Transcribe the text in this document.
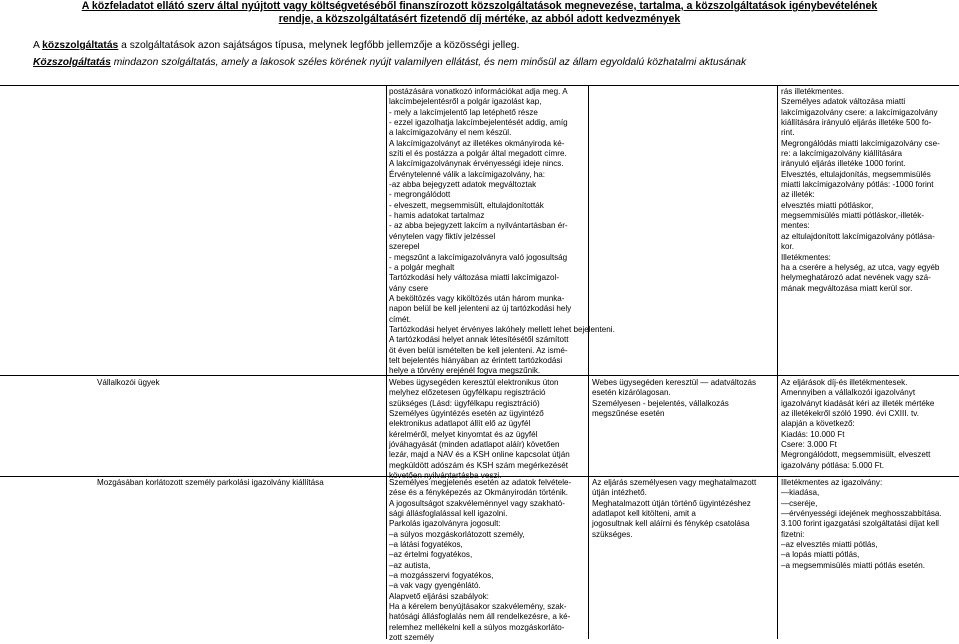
A közfeladatot ellátó szerv által nyújtott vagy költségvetéséből finanszírozott közszolgáltatások megnevezése, tartalma, a közszolgáltatások igénybevételének
rendje, a közszolgáltatásért fizetendő díj mértéke, az abból adott kedvezmények
A közszolgáltatás a szolgáltatások azon sajátságos típusa, melynek legfőbb jellemzője a közösségi jelleg.
Közszolgáltatás mindazon szolgáltatás, amely a lakosok széles körének nyújt valamilyen ellátást, és nem minősül az állam egyoldalú közhatalmi aktusának
postázására vonatkozó információkat adja meg. A
lakcímbejelentésről a polgár igazolást kap,
- mely a lakcímjelentő lap letéphető része
- ezzel igazolhatja lakcímbejelentését addig, amíg
a lakcímigazolvány el nem készül.
A lakcímigazolványt az illetékes okmányiroda ké-
szíti el és postázza a polgár által megadott címre.
A lakcímigazolványnak érvényességi ideje nincs.
Érvénytelenné válik a lakcímigazolvány, ha:
-az abba bejegyzett adatok megváltoztak
- megrongálódott
- elveszett, megsemmisült, eltulajdonították
- hamis adatokat tartalmaz
- az abba bejegyzett lakcím a nyilvántartásban ér-
vénytelen vagy fiktív jelzéssel
szerepel
- megszűnt a lakcímigazolványra való jogosultság
- a polgár meghalt
Tartózkodási hely változása miatti lakcímigazol-
vány csere
A beköltözés vagy kiköltözés után három munka-
napon belül be kell jelenteni az új tartózkodási hely
címét.
Tartózkodási helyet érvényes lakóhely mellett lehet bejelenteni.
A tartózkodási helyet annak létesítésétől számított
öt éven belül ismételten be kell jelenteni. Az ismé-
telt bejelentés hiányában az érintett tartózkodási
helye a törvény erejénél fogva megszűnik.
rás illetékmentes.
Személyes adatok változása miatti
lakcímigazolvány csere: a lakcímigazolvány
kiállítására irányuló eljárás illetéke 500 fo-
rint.
Megrongálódás miatti lakcímigazolvány cse-
re: a lakcímigazolvány kiállítására
irányuló eljárás illetéke 1000 forint.
Elvesztés, eltulajdonítás, megsemmisülés
miatti lakcímigazolvány pótlás: -1000 forint
az illeték:
elvesztés miatti pótláskor,
megsemmisülés miatti pótláskor,-illeték-
mentes:
az eltulajdonított lakcímigazolvány pótlása-
kor.
Illetékmentes:
ha a cserére a helység, az utca, vagy egyéb
helymeghatározó adat nevének vagy szá-
mának megváltozása miatt kerül sor.
Vállalkozói ügyek	Webes ügysegéden keresztül elektronikus úton
melyhez előzetesen ügyfélkapu regisztráció
szükséges (Lásd: ügyfélkapu regisztráció)
Személyes ügyintézés esetén az ügyintéző
elektronikus adatlapot állít elő az ügyfél
kérelméről, melyet kinyomtat és az ügyfél
jóváhagyását (minden adatlapot aláír) követően
lezár, majd a NAV és a KSH online kapcsolat útján
megküldött adószám és KSH szám megérkezését
követően nyilvántartásba veszi.
Webes ügysegéden keresztül — adatváltozás
esetén kizárólagosan.
Személyesen - bejelentés, vállalkozás
megszűnése esetén
Az eljárások díj-és illetékmentesek.
Amennyiben a vállalkozói igazolványt
igazolványt kiadását kéri az illeték mértéke
az illetékekről szóló 1990. évi CXIII. tv.
alapján a következő:
Kiadás: 10.000 Ft
Csere: 3.000 Ft
Megrongálódott, megsemmisült, elveszett
igazolvány pótlása: 5.000 Ft.
Mozgásában korlátozott személy parkolási igazolvány kiállítása	Személyes megjelenés esetén az adatok felvétele-
zése és a fényképezés az Okmányirodán történik.
A jogosultságot szakvéleménnyel vagy szakható-
sági állásfoglalással kell igazolni.
Parkolás igazolványra jogosult:
–a súlyos mozgáskorlátozott személy,
–a látási fogyatékos,
–az értelmi fogyatékos,
–az autista,
–a mozgásszervi fogyatékos,
–a vak vagy gyengénlátó.
Alapvető eljárási szabályok:
Ha a kérelem benyújtásakor szakvélemény, szak-
hatósági állásfoglalás nem áll rendelkezésre, a ké-
relemhez mellékelni kell a súlyos mozgáskorláto-
zott személy
Az eljárás személyesen vagy meghatalmazott
útján intézhető.
Meghatalmazott útján történő ügyintézéshez
adatlapot kell kitölteni, amit a
jogosultnak kell aláírni és fénykép csatolása
szükséges.
Illetékmentes az igazolvány:
—kiadása,
—cseréje,
—érvényességi idejének meghosszabbítása.
3.100 forint igazgatási szolgáltatási díjat kell
fizetni:
–az elvesztés miatti pótlás,
–a lopás miatti pótlás,
–a megsemmisülés miatti pótlás esetén.
